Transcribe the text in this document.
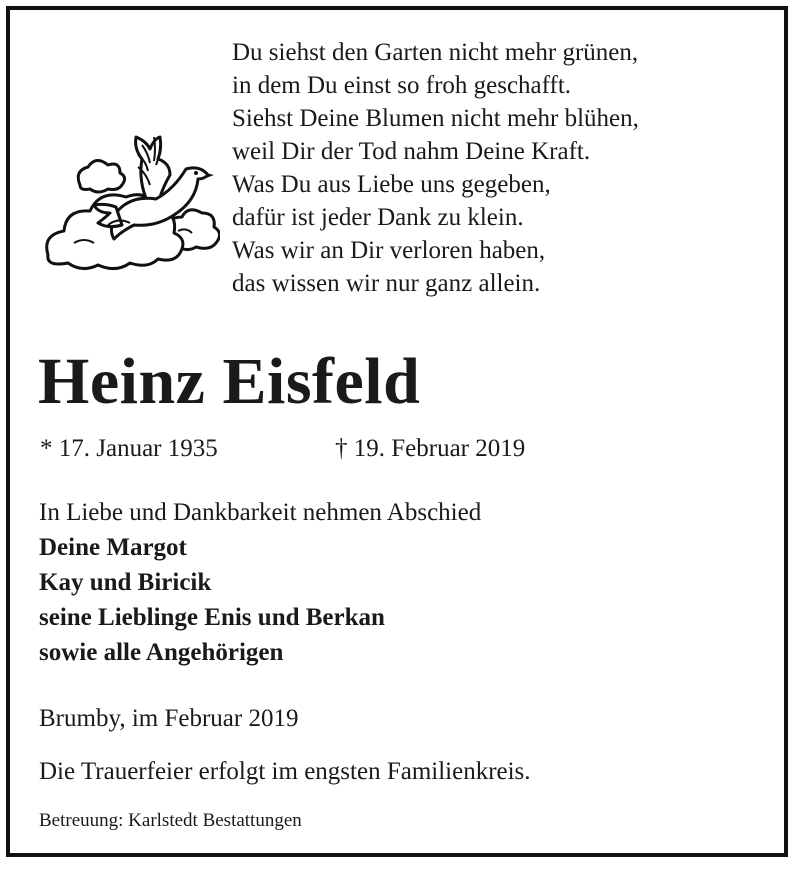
Du siehst den Garten nicht mehr grünen,
in dem Du einst so froh geschafft.
Siehst Deine Blumen nicht mehr blühen,
weil Dir der Tod nahm Deine Kraft.
Was Du aus Liebe uns gegeben,
dafür ist jeder Dank zu klein.
Was wir an Dir verloren haben,
das wissen wir nur ganz allein.
Heinz Eisfeld
* 17. Januar 1935	† 19. Februar 2019
In Liebe und Dankbarkeit nehmen Abschied
Deine Margot
Kay und Biricik
seine Lieblinge Enis und Berkan
sowie alle Angehörigen
Brumby, im Februar 2019
Die Trauerfeier erfolgt im engsten Familienkreis.
Betreuung: Karlstedt Bestattungen
